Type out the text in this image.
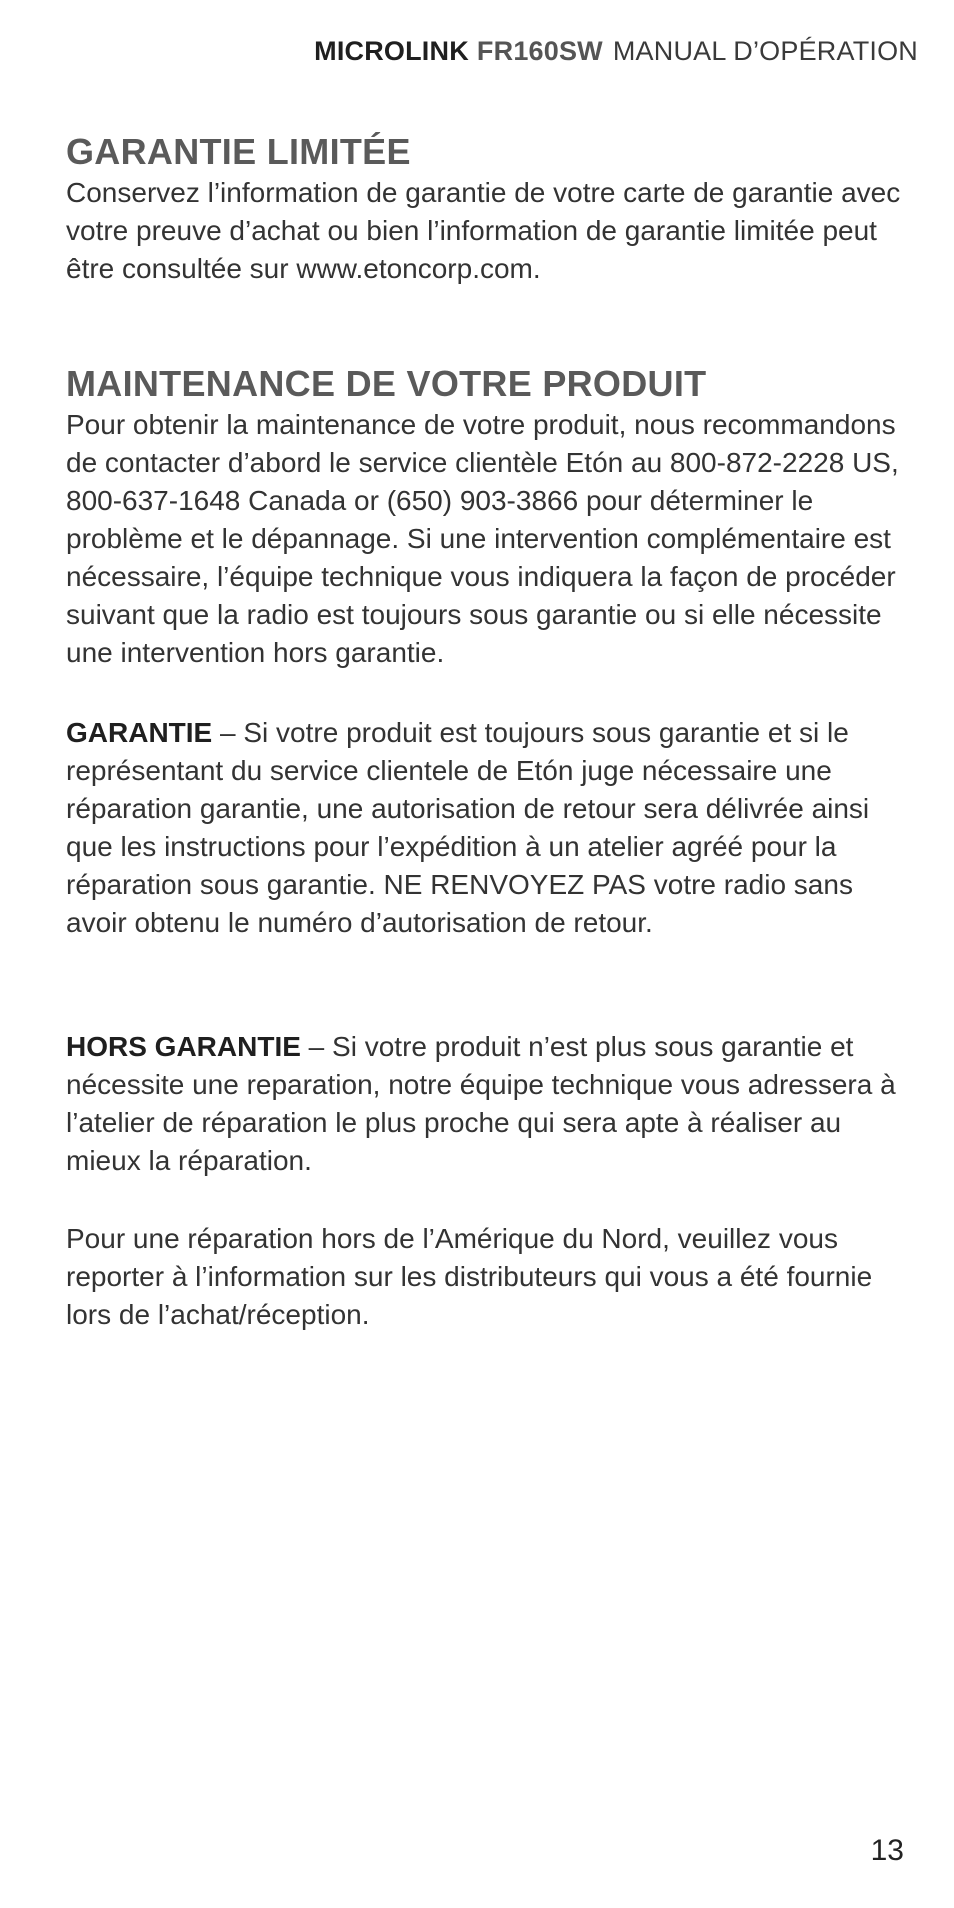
MICROLINK FR160SW MANUAL D’OPÉRATION
GARANTIE LIMITÉE

Conservez l’information de garantie de votre carte de garantie avec votre preuve d’achat ou bien l’information de garantie limitée peut être consultée sur www.etoncorp.com.

MAINTENANCE DE VOTRE PRODUIT

Pour obtenir la maintenance de votre produit, nous recommandons de contacter d’abord le service clientèle Etón au 800-872-2228 US, 800-637-1648 Canada or (650) 903-3866 pour déterminer le problème et le dépannage. Si une intervention complémentaire est nécessaire, l’équipe technique vous indiquera la façon de procéder suivant que la radio est toujours sous garantie ou si elle nécessite une intervention hors garantie.

GARANTIE – Si votre produit est toujours sous garantie et si le représentant du service clientele de Etón juge nécessaire une réparation garantie, une autorisation de retour sera délivrée ainsi que les instructions pour l’expédition à un atelier agréé pour la réparation sous garantie. NE RENVOYEZ PAS votre radio sans avoir obtenu le numéro d’autorisation de retour.

HORS GARANTIE – Si votre produit n’est plus sous garantie et nécessite une reparation, notre équipe technique vous adressera à l’atelier de réparation le plus proche qui sera apte à réaliser au mieux la réparation.

Pour une réparation hors de l’Amérique du Nord, veuillez vous reporter à l’information sur les distributeurs qui vous a été fournie lors de l’achat/réception.

13
